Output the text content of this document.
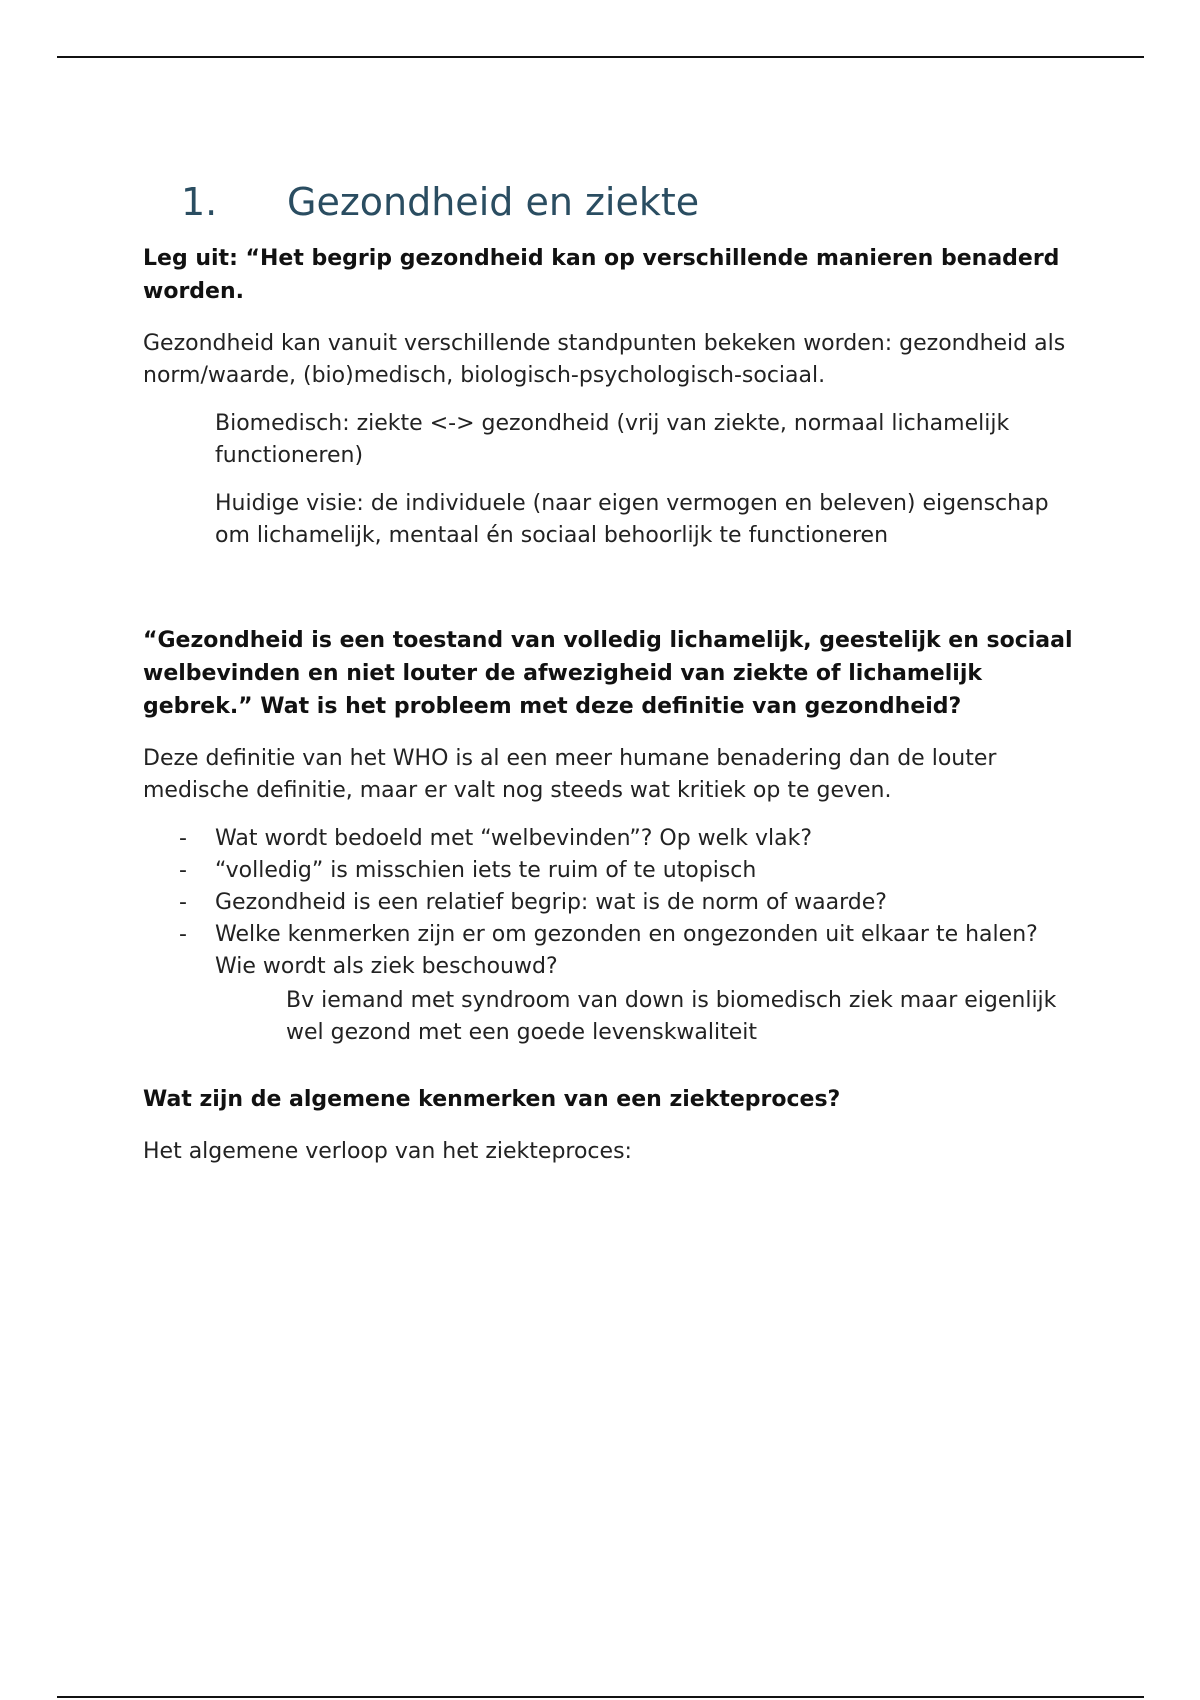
1.	Gezondheid en ziekte
Leg uit: “Het begrip gezondheid kan op verschillende manieren benaderd worden.
Gezondheid kan vanuit verschillende standpunten bekeken worden: gezondheid als norm/waarde, (bio)medisch, biologisch-psychologisch-sociaal.
Biomedisch: ziekte <-> gezondheid (vrij van ziekte, normaal lichamelijk functioneren)
Huidige visie: de individuele (naar eigen vermogen en beleven) eigenschap om lichamelijk, mentaal én sociaal behoorlijk te functioneren
“Gezondheid is een toestand van volledig lichamelijk, geestelijk en sociaal welbevinden en niet louter de afwezigheid van ziekte of lichamelijk gebrek.” Wat is het probleem met deze definitie van gezondheid?
Deze definitie van het WHO is al een meer humane benadering dan de louter medische definitie, maar er valt nog steeds wat kritiek op te geven.
- Wat wordt bedoeld met “welbevinden”? Op welk vlak?
- “volledig” is misschien iets te ruim of te utopisch
- Gezondheid is een relatief begrip: wat is de norm of waarde?
- Welke kenmerken zijn er om gezonden en ongezonden uit elkaar te halen? Wie wordt als ziek beschouwd?
Bv iemand met syndroom van down is biomedisch ziek maar eigenlijk wel gezond met een goede levenskwaliteit
Wat zijn de algemene kenmerken van een ziekteproces?
Het algemene verloop van het ziekteproces:
